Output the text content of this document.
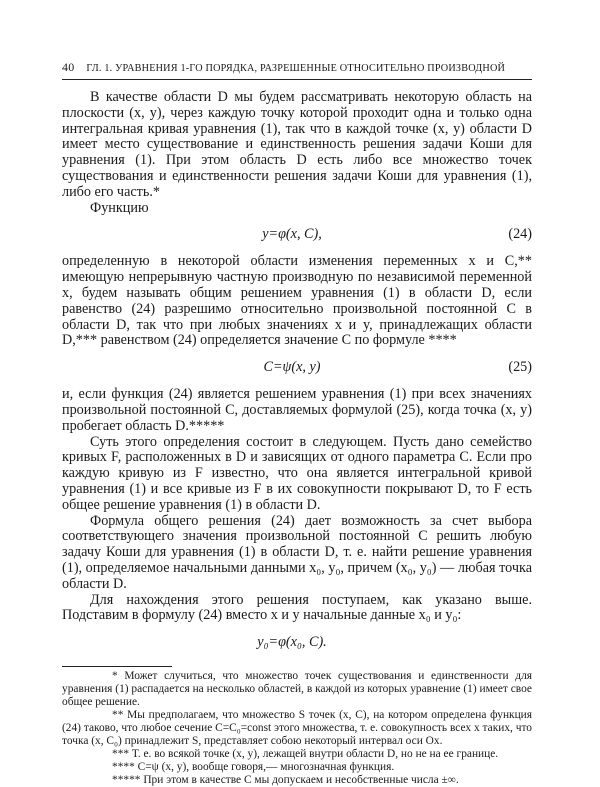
40 ГЛ. 1. УРАВНЕНИЯ 1-ГО ПОРЯДКА, РАЗРЕШЕННЫЕ ОТНОСИТЕЛЬНО ПРОИЗВОДНОЙ

В качестве области D мы будем рассматривать некоторую область на плоскости (x, y), через каждую точку которой проходит одна и только одна интегральная кривая уравнения (1), так что в каждой точке (x, y) области D имеет место существование и единственность решения задачи Коши для уравнения (1). При этом область D есть либо все множество точек существования и единственности решения задачи Коши для уравнения (1), либо его часть.*

Функцию

y=φ(x, C),	(24)

определенную в некоторой области изменения переменных x и C,** имеющую непрерывную частную производную по независимой переменной x, будем называть общим решением уравнения (1) в области D, если равенство (24) разрешимо относительно произвольной постоянной C в области D, так что при любых значениях x и y, принадлежащих области D,*** равенством (24) определяется значение C по формуле ****

C=ψ(x, y)	(25)

и, если функция (24) является решением уравнения (1) при всех значениях произвольной постоянной C, доставляемых формулой (25), когда точка (x, y) пробегает область D.*****

Суть этого определения состоит в следующем. Пусть дано семейство кривых F, расположенных в D и зависящих от одного параметра C. Если про каждую кривую из F известно, что она является интегральной кривой уравнения (1) и все кривые из F в их совокупности покрывают D, то F есть общее решение уравнения (1) в области D.

Формула общего решения (24) дает возможность за счет выбора соответствующего значения произвольной постоянной C решить любую задачу Коши для уравнения (1) в области D, т. е. найти решение уравнения (1), определяемое начальными данными x₀, y₀, причем (x₀, y₀) — любая точка области D.

Для нахождения этого решения поступаем, как указано выше. Подставим в формулу (24) вместо x и y начальные данные x₀ и y₀:

y₀=φ(x₀, C).

* Может случиться, что множество точек существования и единственности для уравнения (1) распадается на несколько областей, в каждой из которых уравнение (1) имеет свое общее решение.

** Мы предполагаем, что множество S точек (x, C), на котором определена функция (24) таково, что любое сечение C=C₀=const этого множества, т. е. совокупность всех x таких, что точка (x, C₀) принадлежит S, представляет собою некоторый интервал оси Ox.

*** Т. е. во всякой точке (x, y), лежащей внутри области D, но не на ее границе.

**** C=ψ (x, y), вообще говоря,— многозначная функция.

***** При этом в качестве C мы допускаем и несобственные числа ±∞.
